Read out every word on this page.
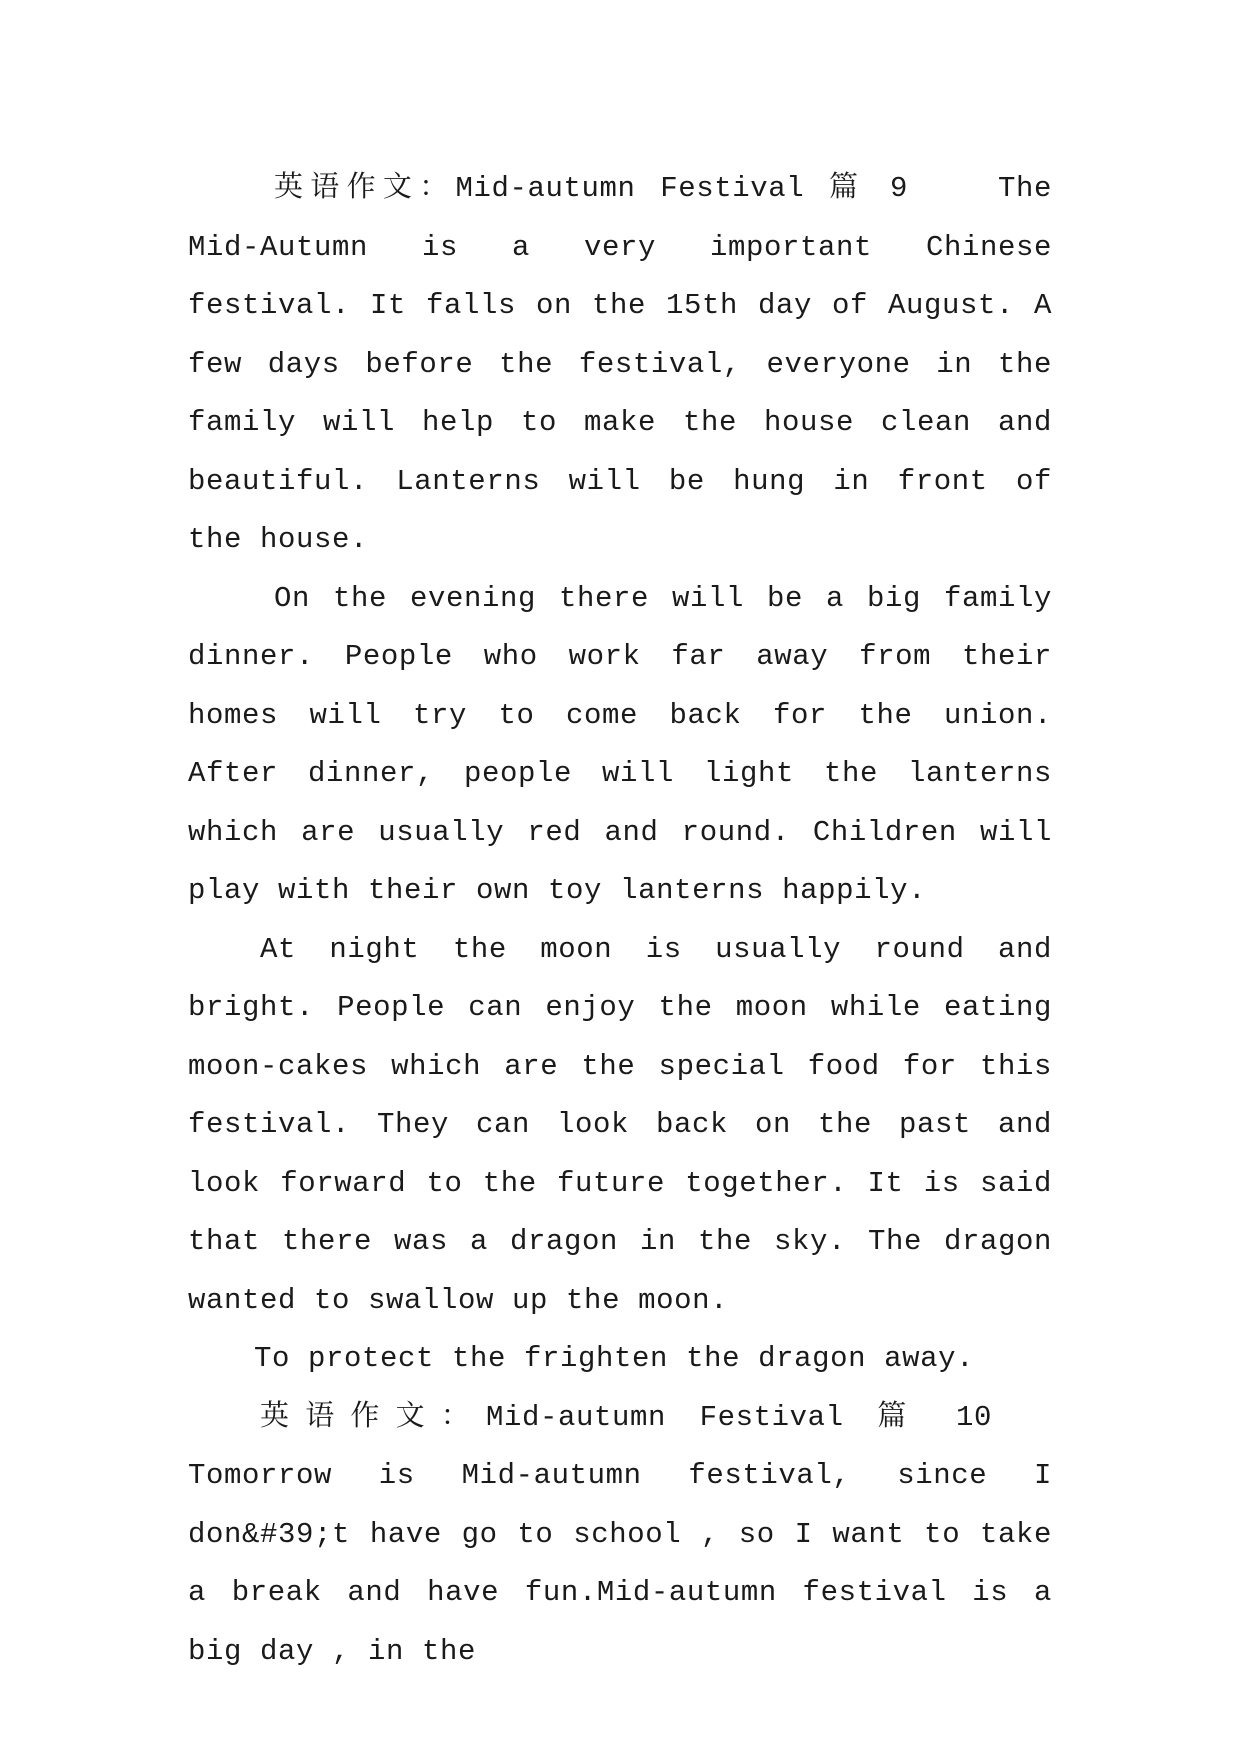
英语作文：Mid-autumn Festival 篇 9	The Mid-Autumn is a very important Chinese festival. It falls on the 15th day of August. A few days before the festival, everyone in the family will help to make the house clean and beautiful. Lanterns will be hung in front of the house.

On the evening there will be a big family dinner. People who work far away from their homes will try to come back for the union. After dinner, people will light the lanterns which are usually red and round. Children will play with their own toy lanterns happily.

At night the moon is usually round and bright. People can enjoy the moon while eating moon-cakes which are the special food for this festival. They can look back on the past and look forward to the future together. It is said that there was a dragon in the sky. The dragon wanted to swallow up the moon.

To protect the frighten the dragon away.

英语作文：Mid-autumn Festival 篇 10Tomorrow is Mid-autumn festival, since I don&#39;t have go to school , so I want to take a break and have fun.Mid-autumn festival is a big day , in the
